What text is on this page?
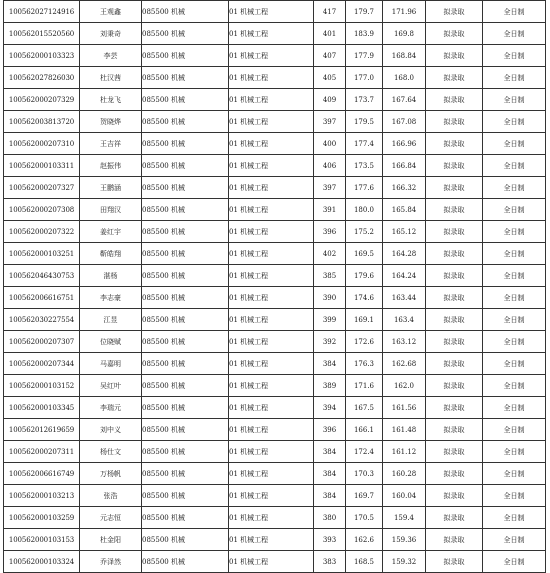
100562027124916	王观鑫	085500 机械	01 机械工程	417	179.7	171.96	拟录取	全日制
100562015520560	刘秉奇	085500 机械	01 机械工程	401	183.9	169.8	拟录取	全日制
100562000103323	李芸	085500 机械	01 机械工程	407	177.9	168.84	拟录取	全日制
100562027826030	杜汉茜	085500 机械	01 机械工程	405	177.0	168.0	拟录取	全日制
100562000207329	杜龙飞	085500 机械	01 机械工程	409	173.7	167.64	拟录取	全日制
100562003813720	贺晓烨	085500 机械	01 机械工程	397	179.5	167.08	拟录取	全日制
100562000207310	王吉祥	085500 机械	01 机械工程	400	177.4	166.96	拟录取	全日制
100562000103311	赵振伟	085500 机械	01 机械工程	406	173.5	166.84	拟录取	全日制
100562000207327	王鹏涵	085500 机械	01 机械工程	397	177.6	166.32	拟录取	全日制
100562000207308	田翔汉	085500 机械	01 机械工程	391	180.0	165.84	拟录取	全日制
100562000207322	姜红宇	085500 机械	01 机械工程	396	175.2	165.12	拟录取	全日制
100562000103251	靳皓翔	085500 机械	01 机械工程	402	169.5	164.28	拟录取	全日制
100562046430753	湛杨	085500 机械	01 机械工程	385	179.6	164.24	拟录取	全日制
100562006616751	李志豪	085500 机械	01 机械工程	390	174.6	163.44	拟录取	全日制
100562030227554	江昱	085500 机械	01 机械工程	399	169.1	163.4	拟录取	全日制
100562000207307	位晓赋	085500 机械	01 机械工程	392	172.6	163.12	拟录取	全日制
100562000207344	马嘉明	085500 机械	01 机械工程	384	176.3	162.68	拟录取	全日制
100562000103152	吴红叶	085500 机械	01 机械工程	389	171.6	162.0	拟录取	全日制
100562000103345	李瑞元	085500 机械	01 机械工程	394	167.5	161.56	拟录取	全日制
100562012619659	刘中义	085500 机械	01 机械工程	396	166.1	161.48	拟录取	全日制
100562000207311	杨仕文	085500 机械	01 机械工程	384	172.4	161.12	拟录取	全日制
100562006616749	万杨帆	085500 机械	01 机械工程	384	170.3	160.28	拟录取	全日制
100562000103213	张浩	085500 机械	01 机械工程	384	169.7	160.04	拟录取	全日制
100562000103259	元志恒	085500 机械	01 机械工程	380	170.5	159.4	拟录取	全日制
100562000103153	杜金阳	085500 机械	01 机械工程	393	162.6	159.36	拟录取	全日制
100562000103324	乔泽然	085500 机械	01 机械工程	383	168.5	159.32	拟录取	全日制
